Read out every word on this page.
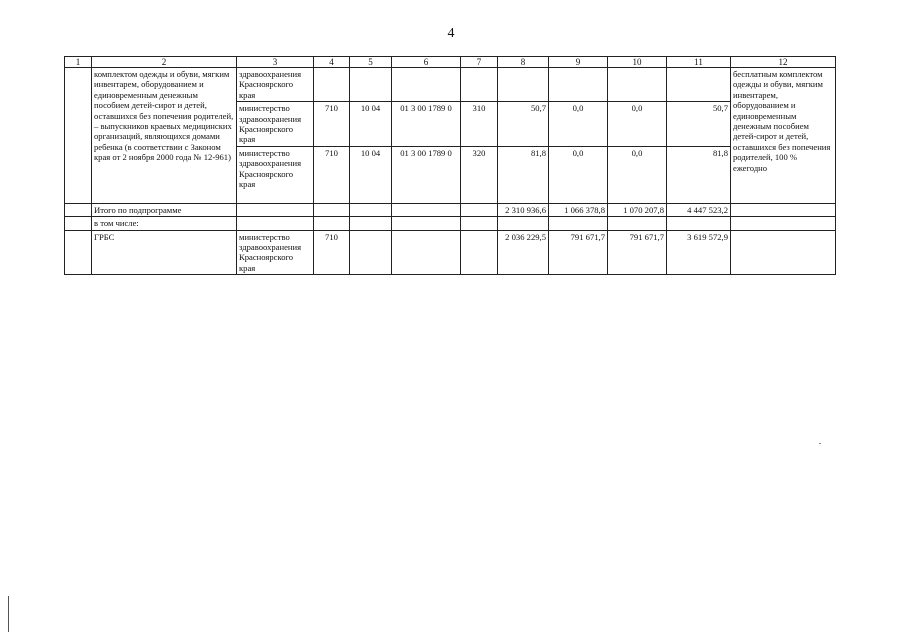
4
1	2	3	4	5	6	7	8	9	10	11	12
	комплектом одежды и обуви, мягким инвентарем, оборудованием и единовременным денежным пособием детей-сирот и детей, оставшихся без попечения родителей, – выпускников краевых медицинских организаций, являющихся домами ребенка (в соответствии с Законом края от 2 ноября 2000 года № 12-961)	здравоохранения Красноярского края									бесплатным комплектом одежды и обуви, мягким инвентарем, оборудованием и единовременным денежным пособием детей-сирот и детей, оставшихся без попечения родителей, 100 % ежегодно
		министерство здравоохранения Красноярского края	710	10 04	01 3 00 1789 0	310	50,7	0,0	0,0	50,7	
		министерство здравоохранения Красноярского края	710	10 04	01 3 00 1789 0	320	81,8	0,0	0,0	81,8	
	Итого по подпрограмме						2 310 936,6	1 066 378,8	1 070 207,8	4 447 523,2	
	в том числе:										
	ГРБС	министерство здравоохранения Красноярского края	710				2 036 229,5	791 671,7	791 671,7	3 619 572,9	
